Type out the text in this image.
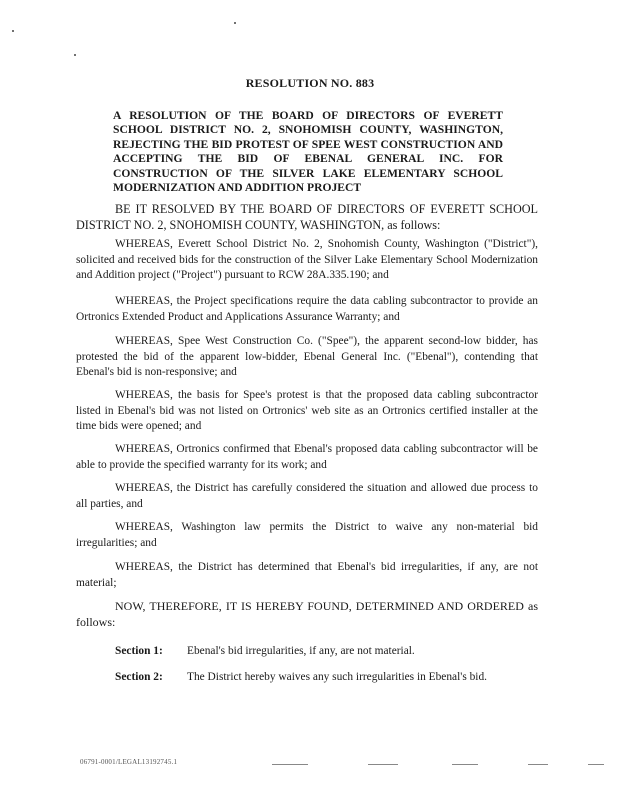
RESOLUTION NO. 883
A RESOLUTION OF THE BOARD OF DIRECTORS OF EVERETT SCHOOL DISTRICT NO. 2, SNOHOMISH COUNTY, WASHINGTON, REJECTING THE BID PROTEST OF SPEE WEST CONSTRUCTION AND ACCEPTING THE BID OF EBENAL GENERAL INC. FOR CONSTRUCTION OF THE SILVER LAKE ELEMENTARY SCHOOL MODERNIZATION AND ADDITION PROJECT

BE IT RESOLVED BY THE BOARD OF DIRECTORS OF EVERETT SCHOOL DISTRICT NO. 2, SNOHOMISH COUNTY, WASHINGTON, as follows:

WHEREAS, Everett School District No. 2, Snohomish County, Washington ("District"), solicited and received bids for the construction of the Silver Lake Elementary School Modernization and Addition project ("Project") pursuant to RCW 28A.335.190; and

WHEREAS, the Project specifications require the data cabling subcontractor to provide an Ortronics Extended Product and Applications Assurance Warranty; and

WHEREAS, Spee West Construction Co. ("Spee"), the apparent second-low bidder, has protested the bid of the apparent low-bidder, Ebenal General Inc. ("Ebenal"), contending that Ebenal's bid is non-responsive; and

WHEREAS, the basis for Spee's protest is that the proposed data cabling subcontractor listed in Ebenal's bid was not listed on Ortronics' web site as an Ortronics certified installer at the time bids were opened; and

WHEREAS, Ortronics confirmed that Ebenal's proposed data cabling subcontractor will be able to provide the specified warranty for its work; and

WHEREAS, the District has carefully considered the situation and allowed due process to all parties, and

WHEREAS, Washington law permits the District to waive any non-material bid irregularities; and

WHEREAS, the District has determined that Ebenal's bid irregularities, if any, are not material;

NOW, THEREFORE, IT IS HEREBY FOUND, DETERMINED AND ORDERED as follows:

Section 1:	Ebenal's bid irregularities, if any, are not material.
Section 2:	The District hereby waives any such irregularities in Ebenal's bid.
06791-0001/LEGAL13192745.1
